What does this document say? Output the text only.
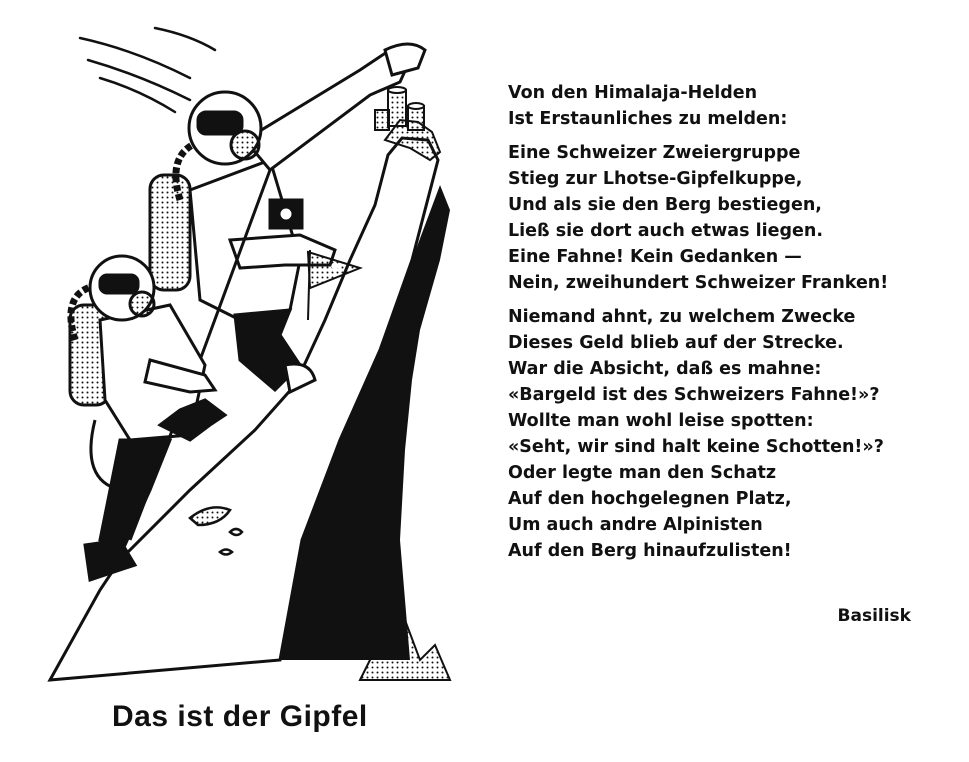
Das ist der Gipfel
Von den Himalaja-Helden
Ist Erstaunliches zu melden:
Eine Schweizer Zweiergruppe
Stieg zur Lhotse-Gipfelkuppe,
Und als sie den Berg bestiegen,
Ließ sie dort auch etwas liegen.
Eine Fahne! Kein Gedanken —
Nein, zweihundert Schweizer Franken!
Niemand ahnt, zu welchem Zwecke
Dieses Geld blieb auf der Strecke.
War die Absicht, daß es mahne:
«Bargeld ist des Schweizers Fahne!»?
Wollte man wohl leise spotten:
«Seht, wir sind halt keine Schotten!»?
Oder legte man den Schatz
Auf den hochgelegnen Platz,
Um auch andre Alpinisten
Auf den Berg hinaufzulisten!
Basilisk
